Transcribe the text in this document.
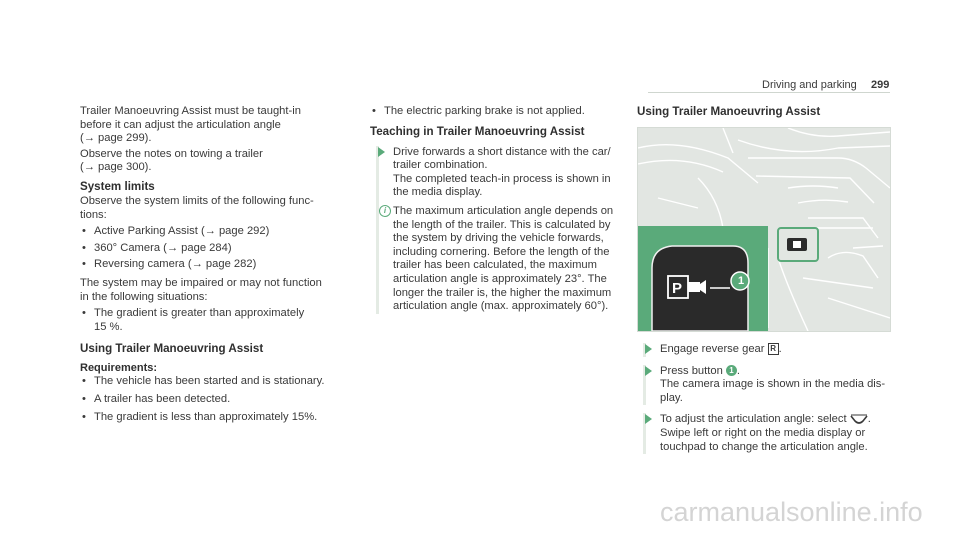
Driving and parking 299

Trailer Manoeuvring Assist must be taught-in

before it can adjust the articulation angle

(→ page 299).

Observe the notes on towing a trailer

(→ page 300).

System limits

Observe the system limits of the following func-

tions:

• Active Parking Assist (→ page 292)
• 360° Camera (→ page 284)
• Reversing camera (→ page 282)

The system may be impaired or may not function

in the following situations:

• The gradient is greater than approximately
15 %.

Using Trailer Manoeuvring Assist

Requirements:

• The vehicle has been started and is stationary.
• A trailer has been detected.
• The gradient is less than approximately 15%.
• The electric parking brake is not applied.

Teaching in Trailer Manoeuvring Assist

Drive forwards a short distance with the car/

trailer combination.

The completed teach-in process is shown in

the media display.

i The maximum articulation angle depends on

the length of the trailer. This is calculated by

the system by driving the vehicle forwards,

including cornering. Before the length of the

trailer has been calculated, the maximum

articulation angle is approximately 23°. The

longer the trailer is, the higher the maximum

articulation angle (max. approximately 60°).

Using Trailer Manoeuvring Assist

P	1

Engage reverse gear R .

Press button 1 .

The camera image is shown in the media dis-

play.

To adjust the articulation angle: select .

Swipe left or right on the media display or

touchpad to change the articulation angle.

carmanualsonline.info
